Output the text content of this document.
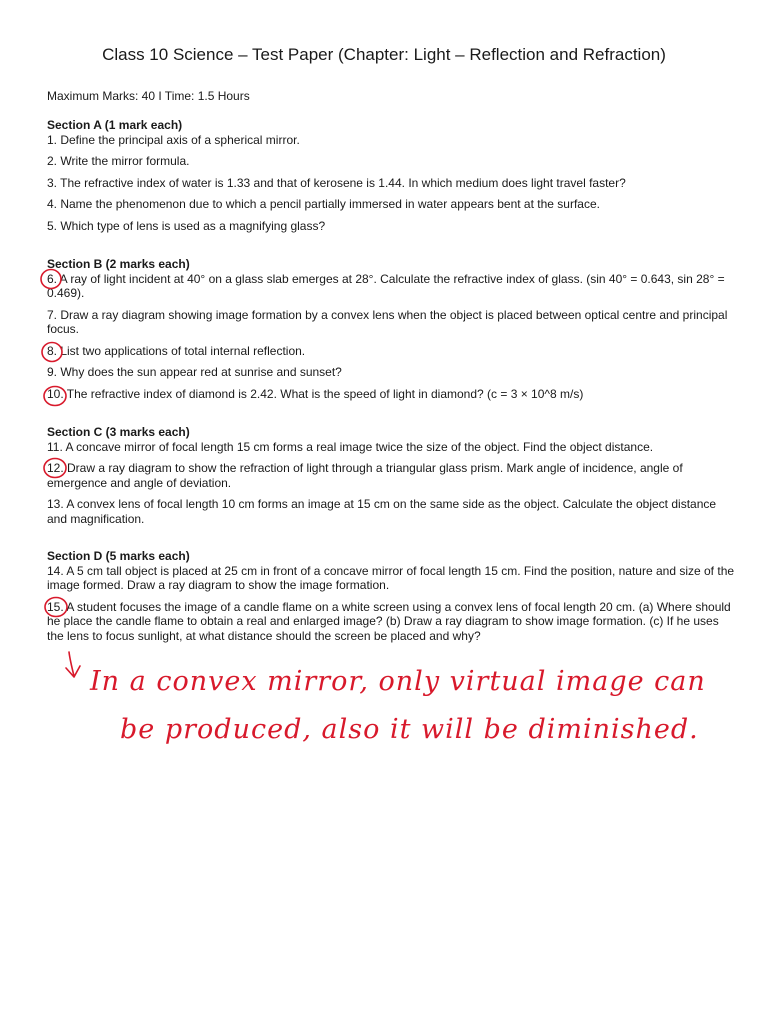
Class 10 Science – Test Paper (Chapter: Light – Reflection and Refraction)
Maximum Marks: 40 I Time: 1.5 Hours
Section A (1 mark each)
1. Define the principal axis of a spherical mirror.
2. Write the mirror formula.
3. The refractive index of water is 1.33 and that of kerosene is 1.44. In which medium does light travel faster?
4. Name the phenomenon due to which a pencil partially immersed in water appears bent at the surface.
5. Which type of lens is used as a magnifying glass?
Section B (2 marks each)
6. A ray of light incident at 40° on a glass slab emerges at 28°. Calculate the refractive index of glass. (sin 40° = 0.643, sin 28° = 0.469).
7. Draw a ray diagram showing image formation by a convex lens when the object is placed between optical centre and principal focus.
8. List two applications of total internal reflection.
9. Why does the sun appear red at sunrise and sunset?
10. The refractive index of diamond is 2.42. What is the speed of light in diamond? (c = 3 × 10^8 m/s)
Section C (3 marks each)
11. A concave mirror of focal length 15 cm forms a real image twice the size of the object. Find the object distance.
12. Draw a ray diagram to show the refraction of light through a triangular glass prism. Mark angle of incidence, angle of emergence and angle of deviation.
13. A convex lens of focal length 10 cm forms an image at 15 cm on the same side as the object. Calculate the object distance and magnification.
Section D (5 marks each)
14. A 5 cm tall object is placed at 25 cm in front of a concave mirror of focal length 15 cm. Find the position, nature and size of the image formed. Draw a ray diagram to show the image formation.
15. A student focuses the image of a candle flame on a white screen using a convex lens of focal length 20 cm. (a) Where should he place the candle flame to obtain a real and enlarged image? (b) Draw a ray diagram to show image formation. (c) If he uses the lens to focus sunlight, at what distance should the screen be placed and why?
In a convex mirror, only virtual image can
be produced, also it will be diminished.
